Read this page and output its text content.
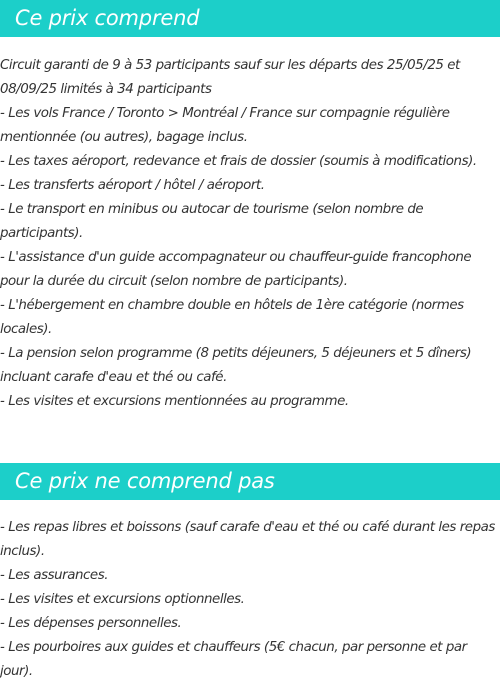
Ce prix comprend

Circuit garanti de 9 à 53 participants sauf sur les départs des 25/05/25 et 08/09/25 limités à 34 participants

- Les vols France / Toronto > Montréal / France sur compagnie régulière mentionnée (ou autres), bagage inclus.

- Les taxes aéroport, redevance et frais de dossier (soumis à modifications).

- Les transferts aéroport / hôtel / aéroport.

- Le transport en minibus ou autocar de tourisme (selon nombre de participants).

- L'assistance d'un guide accompagnateur ou chauffeur-guide francophone pour la durée du circuit (selon nombre de participants).

- L'hébergement en chambre double en hôtels de 1ère catégorie (normes locales).

- La pension selon programme (8 petits déjeuners, 5 déjeuners et 5 dîners) incluant carafe d'eau et thé ou café.

- Les visites et excursions mentionnées au programme.

Ce prix ne comprend pas

- Les repas libres et boissons (sauf carafe d'eau et thé ou café durant les repas inclus).

- Les assurances.

- Les visites et excursions optionnelles.

- Les dépenses personnelles.

- Les pourboires aux guides et chauffeurs (5€ chacun, par personne et par jour).
